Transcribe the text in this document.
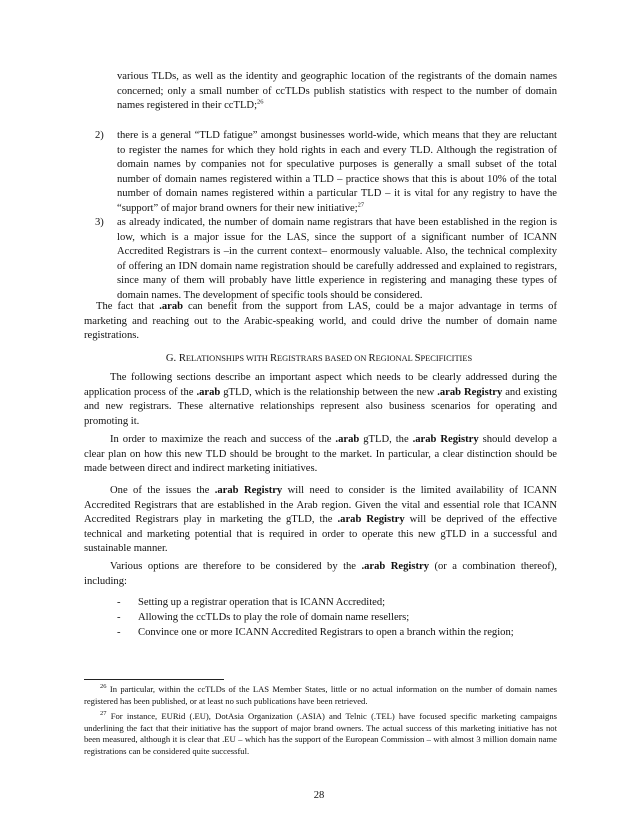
various TLDs, as well as the identity and geographic location of the registrants of the domain names concerned; only a small number of ccTLDs publish statistics with respect to the number of domain names registered in their ccTLD;$^{26}$

2) there is a general “TLD fatigue” amongst businesses world-wide, which means that they are reluctant to register the names for which they hold rights in each and every TLD. Although the registration of domain names by companies not for speculative purposes is generally a small subset of the total number of domain names registered within a TLD – practice shows that this is about 10% of the total number of domain names registered within a particular TLD – it is vital for any registry to have the “support” of major brand owners for their new initiative;$^{27}$

3) as already indicated, the number of domain name registrars that have been established in the region is low, which is a major issue for the LAS, since the support of a significant number of ICANN Accredited Registrars is –in the current context– enormously valuable. Also, the technical complexity of offering an IDN domain name registration should be carefully addressed and explained to registrars, since many of them will probably have little experience in registering and managing these types of domain names. The development of specific tools should be considered.

The fact that .arab can benefit from the support from LAS, could be a major advantage in terms of marketing and reaching out to the Arabic-speaking world, and could drive the number of domain name registrations.

G. RELATIONSHIPS WITH REGISTRARS BASED ON REGIONAL SPECIFICITIES

The following sections describe an important aspect which needs to be clearly addressed during the application process of the .arab gTLD, which is the relationship between the new .arab Registry and existing and new registrars. These alternative relationships represent also business scenarios for operating and promoting it.

In order to maximize the reach and success of the .arab gTLD, the .arab Registry should develop a clear plan on how this new TLD should be brought to the market. In particular, a clear distinction should be made between direct and indirect marketing initiatives.

One of the issues the .arab Registry will need to consider is the limited availability of ICANN Accredited Registrars that are established in the Arab region. Given the vital and essential role that ICANN Accredited Registrars play in marketing the gTLD, the .arab Registry will be deprived of the effective technical and marketing potential that is required in order to operate this new gTLD in a successful and sustainable manner.

Various options are therefore to be considered by the .arab Registry (or a combination thereof), including:

- Setting up a registrar operation that is ICANN Accredited;
- Allowing the ccTLDs to play the role of domain name resellers;
- Convince one or more ICANN Accredited Registrars to open a branch within the region;

$^{26}$ In particular, within the ccTLDs of the LAS Member States, little or no actual information on the number of domain names registered has been published, or at least no such publications have been retrieved.

$^{27}$ For instance, EURid (.EU), DotAsia Organization (.ASIA) and Telnic (.TEL) have focused specific marketing campaigns underlining the fact that their initiative has the support of major brand owners. The actual success of this marketing initiative has not been measured, although it is clear that .EU – which has the support of the European Commission – with almost 3 million domain name registrations can be considered quite successful.

28
